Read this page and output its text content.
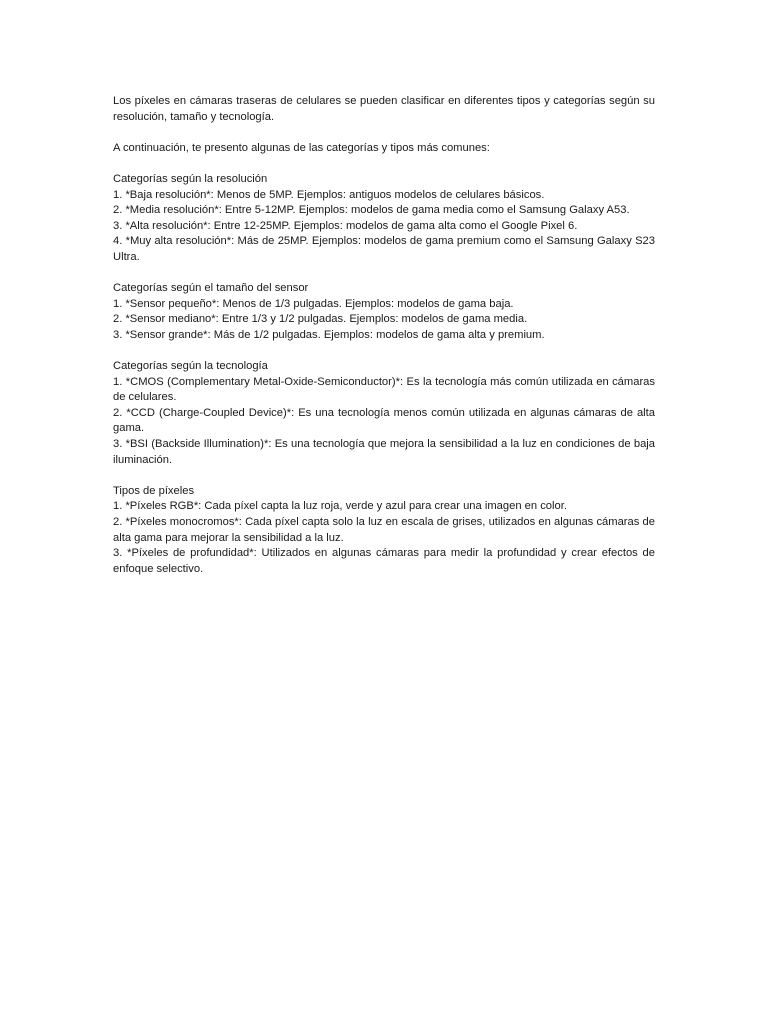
Los píxeles en cámaras traseras de celulares se pueden clasificar en diferentes tipos y categorías según su resolución, tamaño y tecnología.

A continuación, te presento algunas de las categorías y tipos más comunes:

Categorías según la resolución

1. *Baja resolución*: Menos de 5MP. Ejemplos: antiguos modelos de celulares básicos.

2. *Media resolución*: Entre 5-12MP. Ejemplos: modelos de gama media como el Samsung Galaxy A53.

3. *Alta resolución*: Entre 12-25MP. Ejemplos: modelos de gama alta como el Google Pixel 6.

4. *Muy alta resolución*: Más de 25MP. Ejemplos: modelos de gama premium como el Samsung Galaxy S23 Ultra.

Categorías según el tamaño del sensor

1. *Sensor pequeño*: Menos de 1/3 pulgadas. Ejemplos: modelos de gama baja.

2. *Sensor mediano*: Entre 1/3 y 1/2 pulgadas. Ejemplos: modelos de gama media.

3. *Sensor grande*: Más de 1/2 pulgadas. Ejemplos: modelos de gama alta y premium.

Categorías según la tecnología

1. *CMOS (Complementary Metal-Oxide-Semiconductor)*: Es la tecnología más común utilizada en cámaras de celulares.

2. *CCD (Charge-Coupled Device)*: Es una tecnología menos común utilizada en algunas cámaras de alta gama.

3. *BSI (Backside Illumination)*: Es una tecnología que mejora la sensibilidad a la luz en condiciones de baja iluminación.

Tipos de píxeles

1. *Píxeles RGB*: Cada píxel capta la luz roja, verde y azul para crear una imagen en color.

2. *Píxeles monocromos*: Cada píxel capta solo la luz en escala de grises, utilizados en algunas cámaras de alta gama para mejorar la sensibilidad a la luz.

3. *Píxeles de profundidad*: Utilizados en algunas cámaras para medir la profundidad y crear efectos de enfoque selectivo.
